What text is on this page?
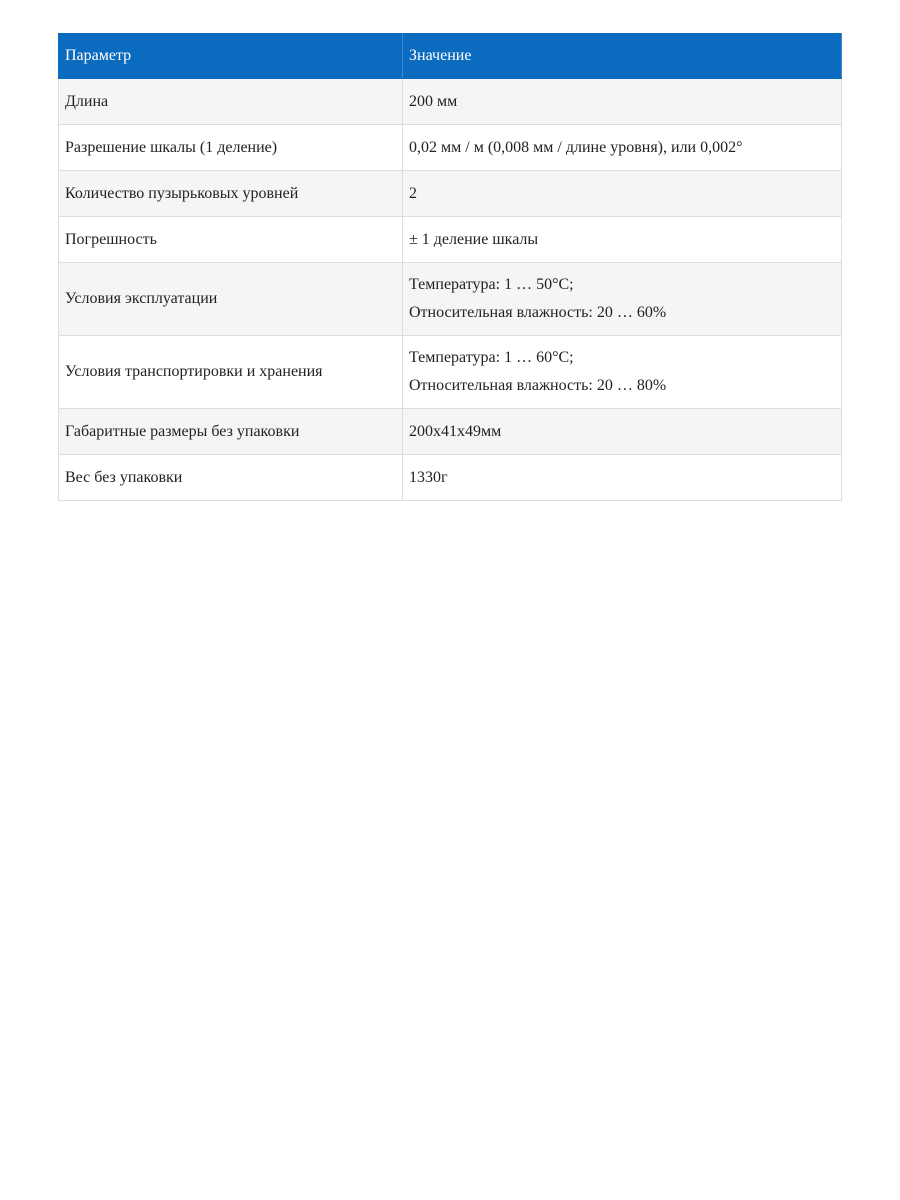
Параметр	Значение
Длина	200 мм

Разрешение шкалы (1 деление)	0,02 мм / м (0,008 мм / длине уровня), или 0,002°

Количество пузырьковых уровней	2

Погрешность	± 1 деление шкалы

Условия эксплуатации	Температура: 1 … 50°C;
Относительная влажность: 20 … 60%

Условия транспортировки и хранения	Температура: 1 … 60°C;
Относительная влажность: 20 … 80%

Габаритные размеры без упаковки	200x41x49мм

Вес без упаковки	1330г
